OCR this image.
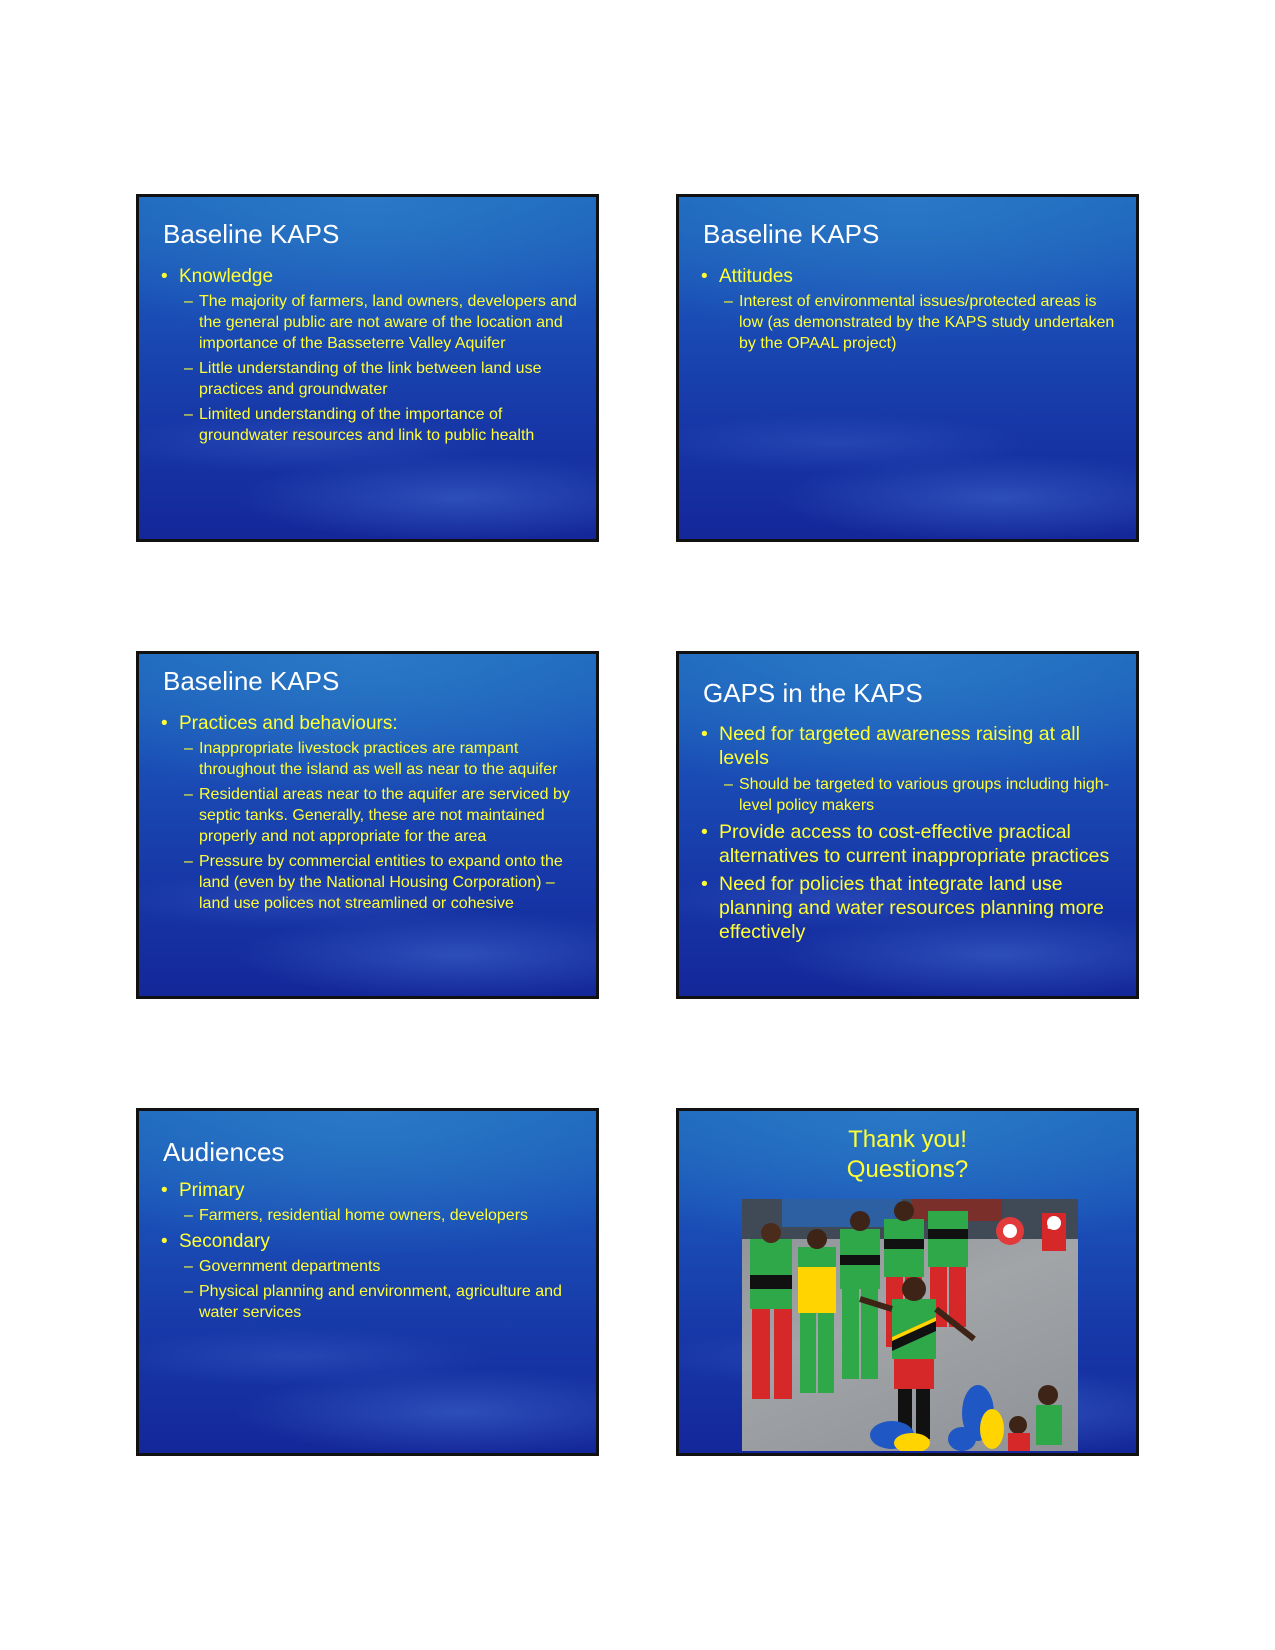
Baseline KAPS
• Knowledge
– The majority of farmers, land owners, developers and the general public are not aware of the location and importance of the Basseterre Valley Aquifer
– Little understanding of the link between land use practices and groundwater
– Limited understanding of the importance of groundwater resources and link to public health
Baseline KAPS
• Attitudes
– Interest of environmental issues/protected areas is low (as demonstrated by the KAPS study undertaken by the OPAAL project)
Baseline KAPS
• Practices and behaviours:
– Inappropriate livestock practices are rampant throughout the island as well as near to the aquifer
– Residential areas near to the aquifer are serviced by septic tanks. Generally, these are not maintained properly and not appropriate for the area
– Pressure by commercial entities to expand onto the land (even by the National Housing Corporation) – land use polices not streamlined or cohesive
GAPS in the KAPS
• Need for targeted awareness raising at all levels
– Should be targeted to various groups including high-level policy makers
• Provide access to cost-effective practical alternatives to current inappropriate practices
• Need for policies that integrate land use planning and water resources planning more effectively
Audiences
• Primary
– Farmers, residential home owners, developers
• Secondary
– Government departments
– Physical planning and environment, agriculture and water services
Thank you!
Questions?
35
